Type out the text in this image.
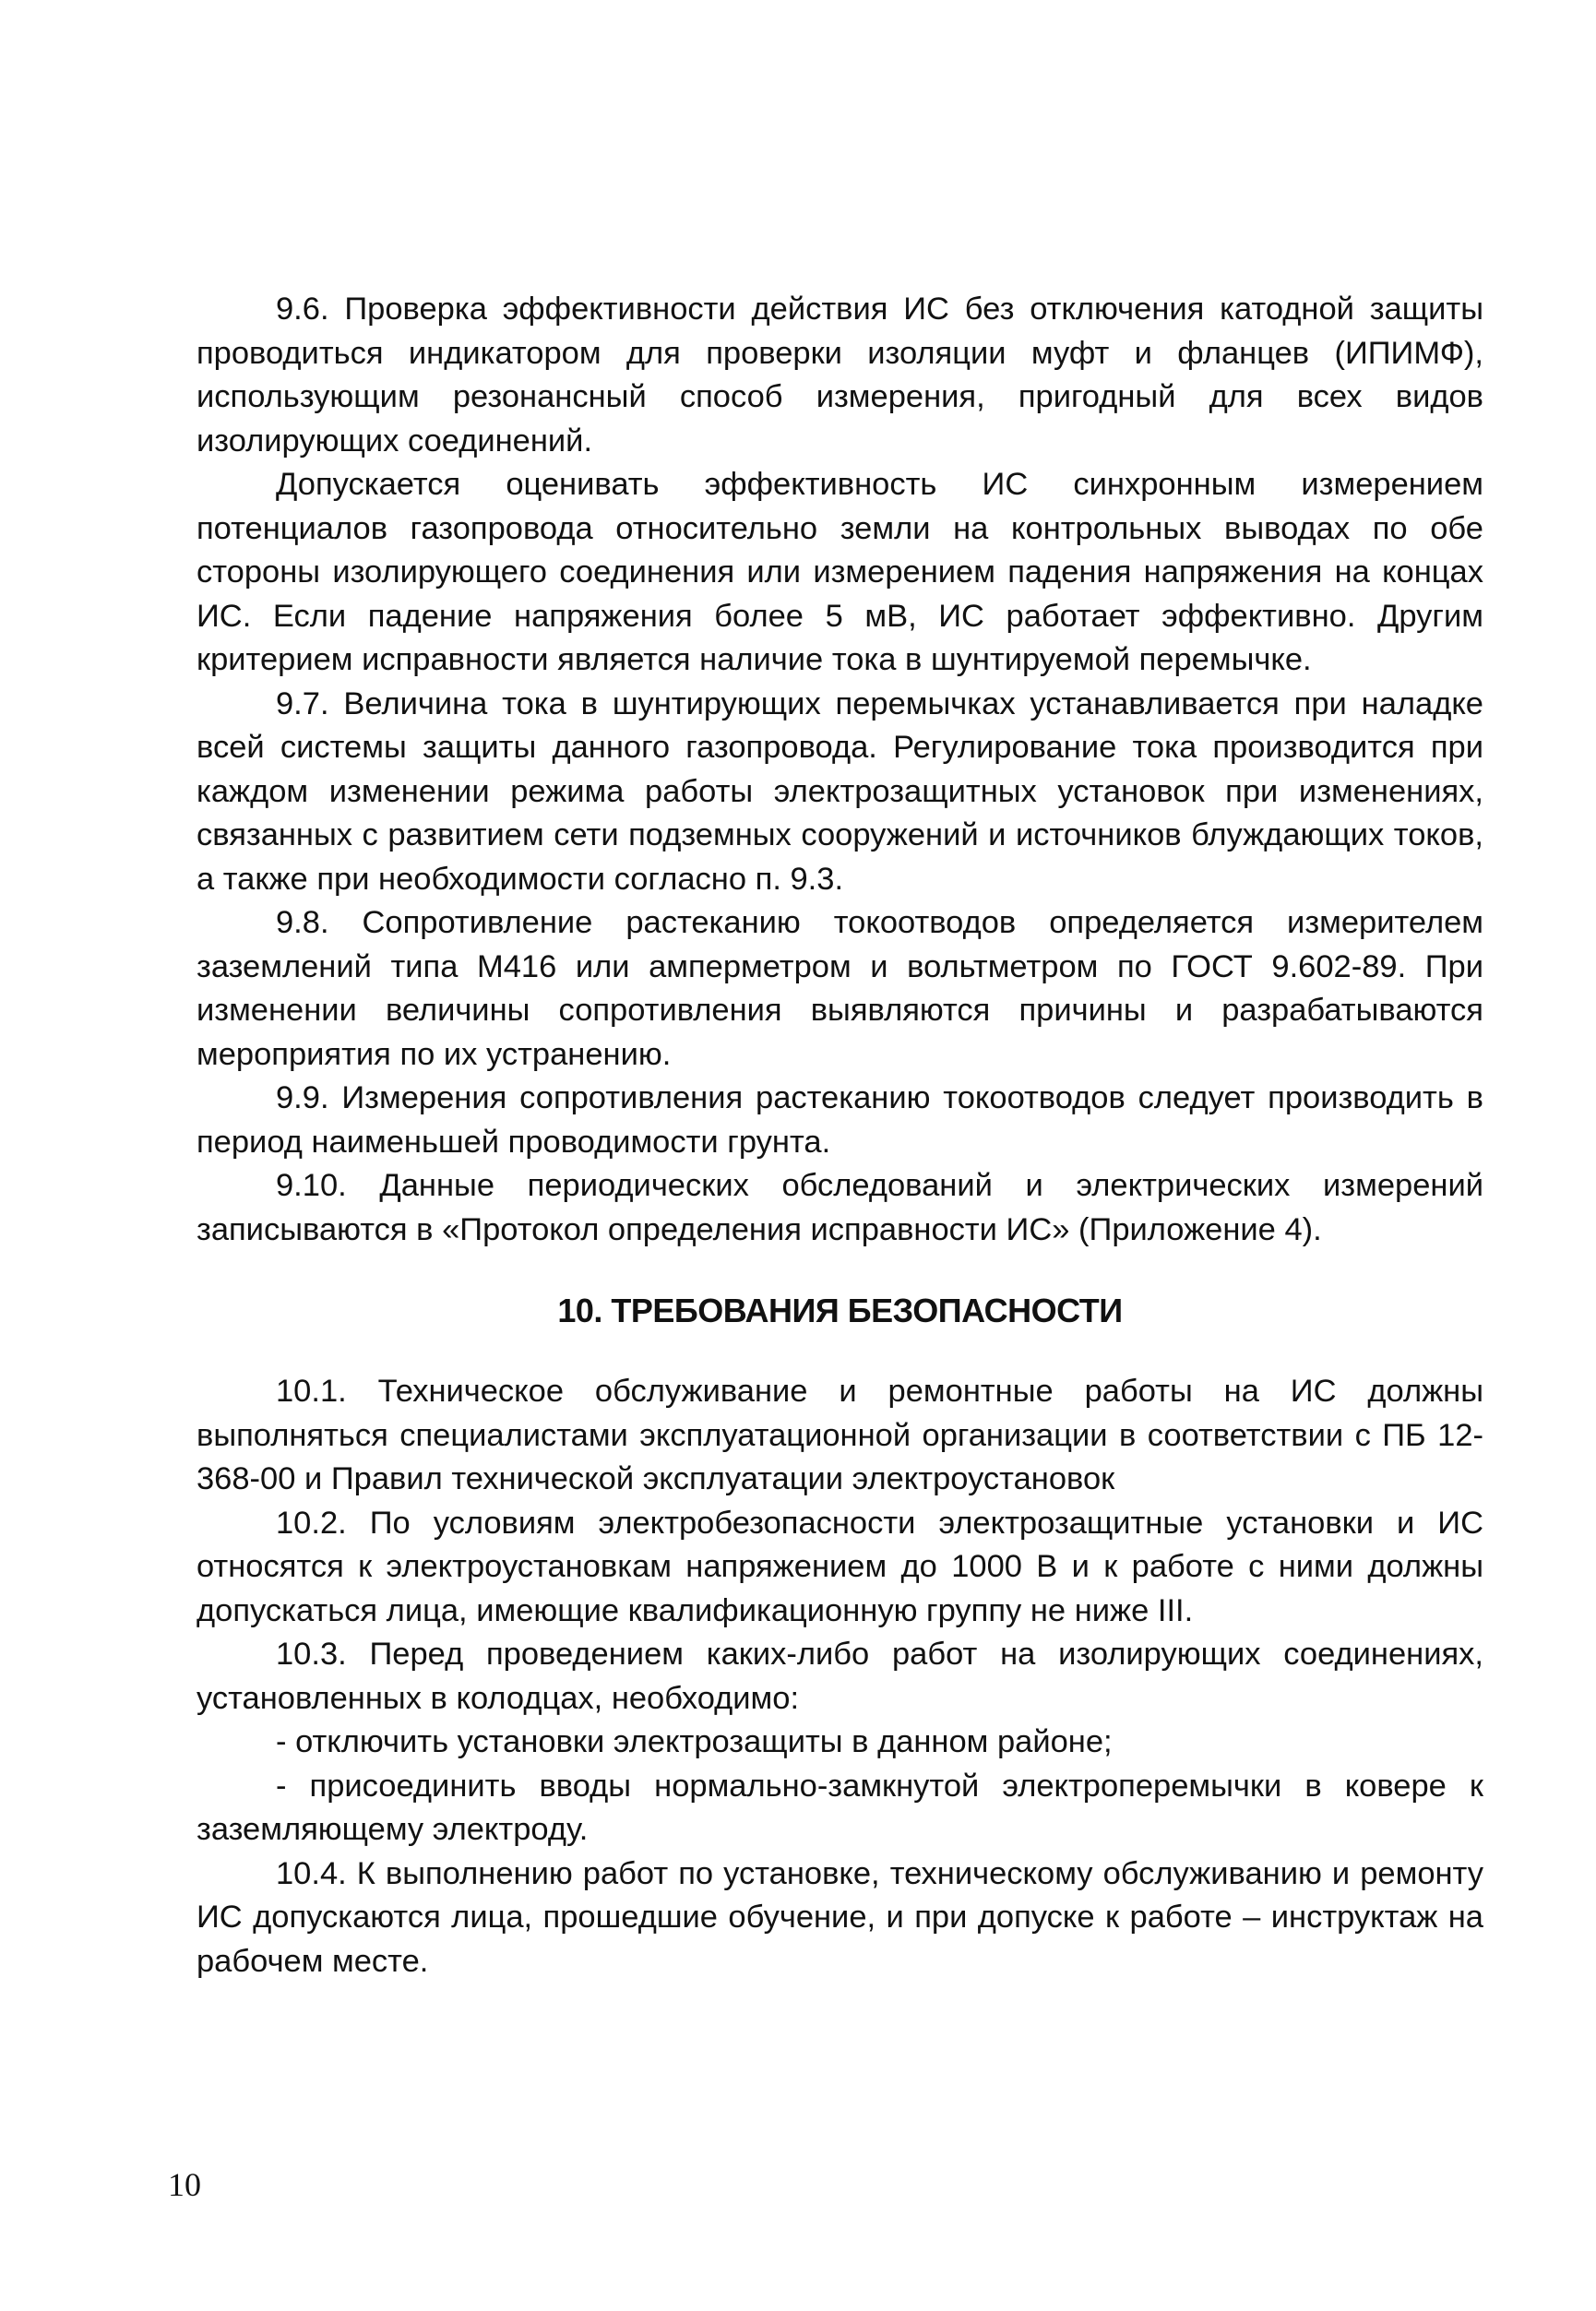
9.6. Проверка эффективности действия ИС без отключения катодной защиты проводиться индикатором для проверки изоляции муфт и фланцев (ИПИМФ), использующим резонансный способ измерения, пригодный для всех видов изолирующих соединений.

Допускается оценивать эффективность ИС синхронным измерением потенциалов газопровода относительно земли на контрольных выводах по обе стороны изолирующего соединения или измерением падения напряжения на концах ИС. Если падение напряжения более 5 мВ, ИС работает эффективно. Другим критерием исправности является наличие тока в шунтируемой перемычке.

9.7. Величина тока в шунтирующих перемычках устанавливается при наладке всей системы защиты данного газопровода. Регулирование тока производится при каждом изменении режима работы электрозащитных установок при изменениях, связанных с развитием сети подземных сооружений и источников блуждающих токов, а также при необходимости согласно п. 9.3.

9.8. Сопротивление растеканию токоотводов определяется измерителем заземлений типа М416 или амперметром и вольтметром по ГОСТ 9.602-89. При изменении величины сопротивления выявляются причины и разрабатываются мероприятия по их устранению.

9.9. Измерения сопротивления растеканию токоотводов следует производить в период наименьшей проводимости грунта.

9.10. Данные периодических обследований и электрических измерений записываются в «Протокол определения исправности ИС» (Приложение 4).

10. ТРЕБОВАНИЯ БЕЗОПАСНОСТИ

10.1. Техническое обслуживание и ремонтные работы на ИС должны выполняться специалистами эксплуатационной организации в соответствии с ПБ 12-368-00 и Правил технической эксплуатации электроустановок

10.2. По условиям электробезопасности электрозащитные установки и ИС относятся к электроустановкам напряжением до 1000 В и к работе с ними должны допускаться лица, имеющие квалификационную группу не ниже III.

10.3. Перед проведением каких-либо работ на изолирующих соединениях, установленных в колодцах, необходимо:

- отключить установки электрозащиты в данном районе;

- присоединить вводы нормально-замкнутой электроперемычки в ковере к заземляющему электроду.

10.4. К выполнению работ по установке, техническому обслуживанию и ремонту ИС допускаются лица, прошедшие обучение, и при допуске к работе – инструктаж на рабочем месте.

10
